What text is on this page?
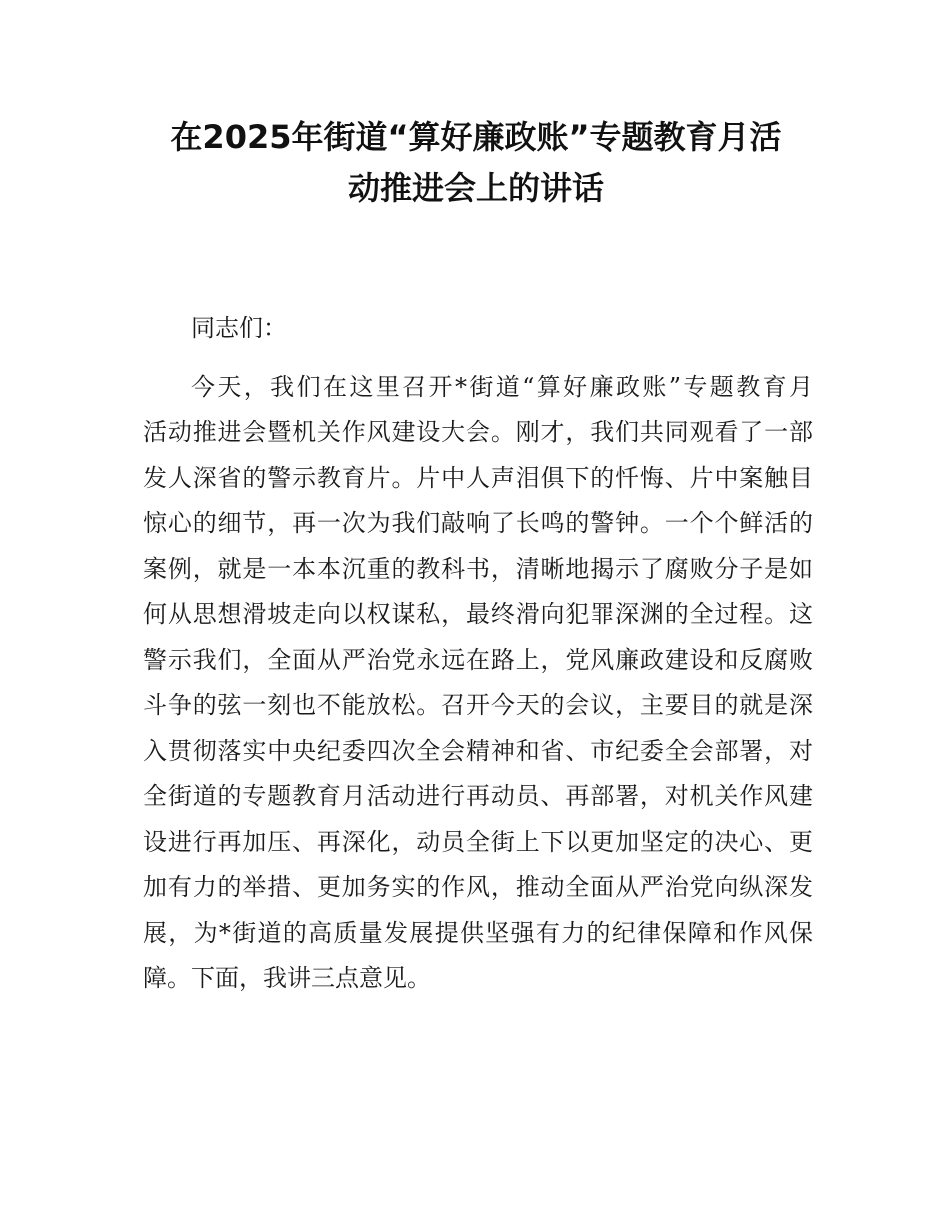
在2025年街道“算好廉政账”专题教育月活
动推进会上的讲话

同志们：

今天，我们在这里召开*街道“算好廉政账”专题教育月
活动推进会暨机关作风建设大会。刚才，我们共同观看了一部
发人深省的警示教育片。片中人声泪俱下的忏悔、片中案触目
惊心的细节，再一次为我们敲响了长鸣的警钟。一个个鲜活的
案例，就是一本本沉重的教科书，清晰地揭示了腐败分子是如
何从思想滑坡走向以权谋私，最终滑向犯罪深渊的全过程。这
警示我们，全面从严治党永远在路上，党风廉政建设和反腐败
斗争的弦一刻也不能放松。召开今天的会议，主要目的就是深
入贯彻落实中央纪委四次全会精神和省、市纪委全会部署，对
全街道的专题教育月活动进行再动员、再部署，对机关作风建
设进行再加压、再深化，动员全街上下以更加坚定的决心、更
加有力的举措、更加务实的作风，推动全面从严治党向纵深发
展，为*街道的高质量发展提供坚强有力的纪律保障和作风保
障。下面，我讲三点意见。
